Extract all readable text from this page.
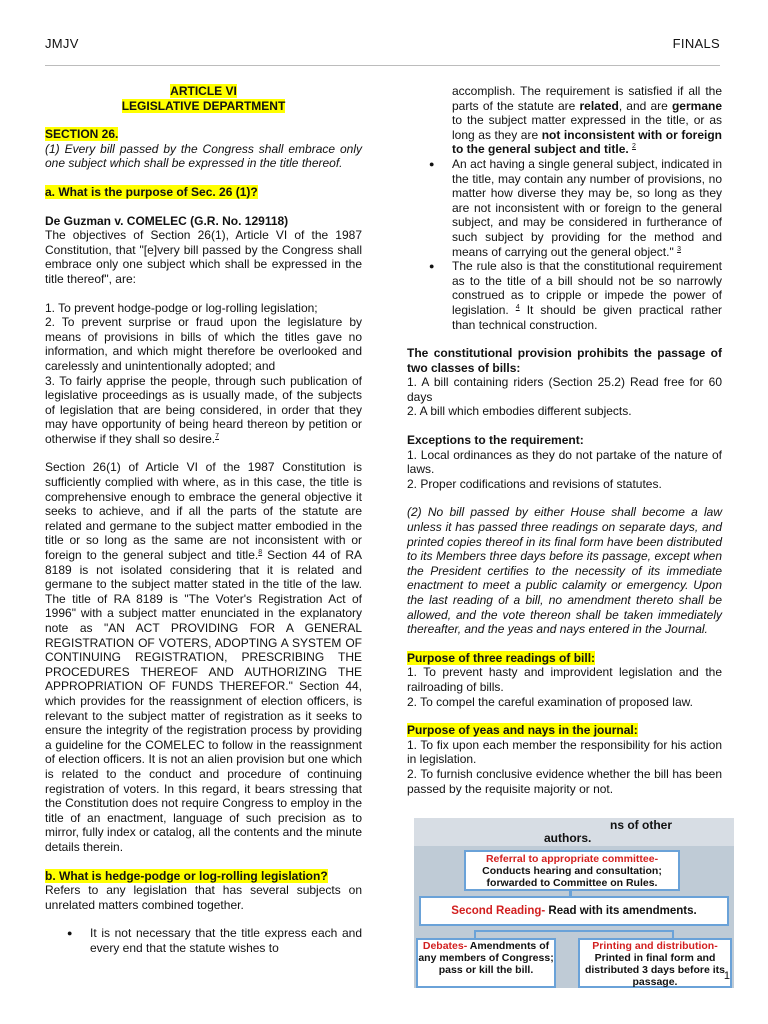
JMJV	FINALS
ARTICLE VI
LEGISLATIVE DEPARTMENT
SECTION 26.

(1) Every bill passed by the Congress shall embrace only one subject which shall be expressed in the title thereof.

a. What is the purpose of Sec. 26 (1)?

De Guzman v. COMELEC (G.R. No. 129118)

The objectives of Section 26(1), Article VI of the 1987 Constitution, that "[e]very bill passed by the Congress shall embrace only one subject which shall be expressed in the title thereof", are:

1. To prevent hodge-podge or log-rolling legislation;

2. To prevent surprise or fraud upon the legislature by means of provisions in bills of which the titles gave no information, and which might therefore be overlooked and carelessly and unintentionally adopted; and

3. To fairly apprise the people, through such publication of legislative proceedings as is usually made, of the subjects of legislation that are being considered, in order that they may have opportunity of being heard thereon by petition or otherwise if they shall so desire.$^7$

Section 26(1) of Article VI of the 1987 Constitution is sufficiently complied with where, as in this case, the title is comprehensive enough to embrace the general objective it seeks to achieve, and if all the parts of the statute are related and germane to the subject matter embodied in the title or so long as the same are not inconsistent with or foreign to the general subject and title.$^8$ Section 44 of RA 8189 is not isolated considering that it is related and germane to the subject matter stated in the title of the law. The title of RA 8189 is "The Voter's Registration Act of 1996" with a subject matter enunciated in the explanatory note as "AN ACT PROVIDING FOR A GENERAL REGISTRATION OF VOTERS, ADOPTING A SYSTEM OF CONTINUING REGISTRATION, PRESCRIBING THE PROCEDURES THEREOF AND AUTHORIZING THE APPROPRIATION OF FUNDS THEREFOR." Section 44, which provides for the reassignment of election officers, is relevant to the subject matter of registration as it seeks to ensure the integrity of the registration process by providing a guideline for the COMELEC to follow in the reassignment of election officers. It is not an alien provision but one which is related to the conduct and procedure of continuing registration of voters. In this regard, it bears stressing that the Constitution does not require Congress to employ in the title of an enactment, language of such precision as to mirror, fully index or catalog, all the contents and the minute details therein.

b. What is hedge-podge or log-rolling legislation?

Refers to any legislation that has several subjects on unrelated matters combined together.

● It is not necessary that the title express each and every end that the statute wishes to
accomplish. The requirement is satisfied if all the parts of the statute are related, and are germane to the subject matter expressed in the title, or as long as they are not inconsistent with or foreign to the general subject and title. $^2$
● An act having a single general subject, indicated in the title, may contain any number of provisions, no matter how diverse they may be, so long as they are not inconsistent with or foreign to the general subject, and may be considered in furtherance of such subject by providing for the method and means of carrying out the general object." $^3$
● The rule also is that the constitutional requirement as to the title of a bill should not be so narrowly construed as to cripple or impede the power of legislation. $^4$ It should be given practical rather than technical construction.

The constitutional provision prohibits the passage of two classes of bills:

1. A bill containing riders (Section 25.2) Read free for 60 days

2. A bill which embodies different subjects.

Exceptions to the requirement:

1. Local ordinances as they do not partake of the nature of laws.

2. Proper codifications and revisions of statutes.

(2) No bill passed by either House shall become a law unless it has passed three readings on separate days, and printed copies thereof in its final form have been distributed to its Members three days before its passage, except when the President certifies to the necessity of its immediate enactment to meet a public calamity or emergency. Upon the last reading of a bill, no amendment thereto shall be allowed, and the vote thereon shall be taken immediately thereafter, and the yeas and nays entered in the Journal.

Purpose of three readings of bill:

1. To prevent hasty and improvident legislation and the railroading of bills.

2. To compel the careful examination of proposed law.

Purpose of yeas and nays in the journal:

1. To fix upon each member the responsibility for his action in legislation.

2. To furnish conclusive evidence whether the bill has been passed by the requisite majority or not.

ns of other
authors.
Referral to appropriate committee-
Conducts hearing and consultation; forwarded to Committee on Rules.
Second Reading- Read with its amendments.
Debates- Amendments of any members of Congress; pass or kill the bill.
Printing and distribution-Printed in final form and distributed 3 days before its passage.	1
